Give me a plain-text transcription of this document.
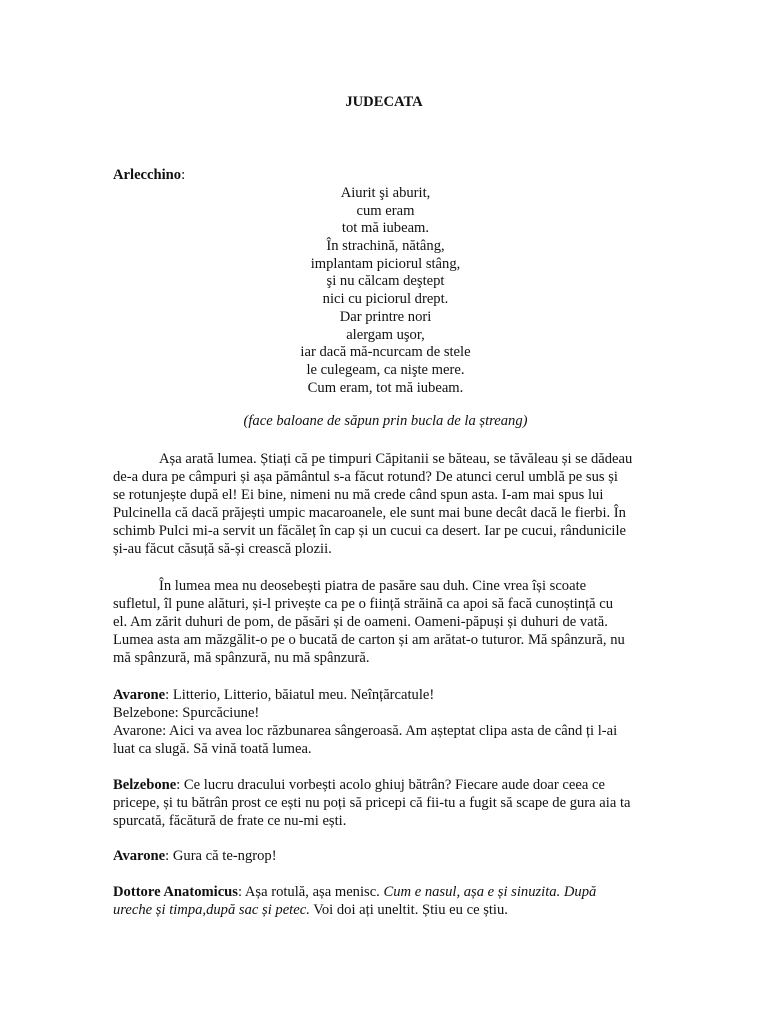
JUDECATA
Arlecchino:
Aiurit şi aburit,
cum eram
tot mă iubeam.
În strachină, nătâng,
implantam piciorul stâng,
şi nu călcam deştept
nici cu piciorul drept.
Dar printre nori
alergam uşor,
iar dacă mă-ncurcam de stele
le culegeam, ca nişte mere.
Cum eram, tot mă iubeam.
(face baloane de săpun prin bucla de la ștreang)
Așa arată lumea. Știați că pe timpuri Căpitanii se băteau, se tăvăleau și se dădeau
de-a dura pe câmpuri și așa pământul s-a făcut rotund? De atunci cerul umblă pe sus și
se rotunjește după el! Ei bine, nimeni nu mă crede când spun asta. I-am mai spus lui
Pulcinella că dacă prăjești umpic macaroanele, ele sunt mai bune decât dacă le fierbi. În
schimb Pulci mi-a servit un făcăleț în cap și un cucui ca desert. Iar pe cucui, rândunicile
și-au făcut căsuță să-și crească plozii.
În lumea mea nu deosebești piatra de pasăre sau duh. Cine vrea își scoate
sufletul, îl pune alături, și-l privește ca pe o ființă străină ca apoi să facă cunoștință cu
el. Am zărit duhuri de pom, de păsări și de oameni. Oameni-păpuși și duhuri de vată.
Lumea asta am măzgălit-o pe o bucată de carton și am arătat-o tuturor. Mă spânzură, nu
mă spânzură, mă spânzură, nu mă spânzură.
Avarone: Litterio, Litterio, băiatul meu. Neînțărcatule!
Belzebone: Spurcăciune!
Avarone: Aici va avea loc răzbunarea sângeroasă. Am așteptat clipa asta de când ți l-ai
luat ca slugă. Să vină toată lumea.
Belzebone: Ce lucru dracului vorbești acolo ghiuj bătrân? Fiecare aude doar ceea ce
pricepe, și tu bătrân prost ce ești nu poți să pricepi că fii-tu a fugit să scape de gura aia ta
spurcată, făcătură de frate ce nu-mi ești.
Avarone: Gura că te-ngrop!
Dottore Anatomicus: Așa rotulă, așa menisc. Cum e nasul, așa e și sinuzita. După
ureche și timpa,după sac și petec. Voi doi ați uneltit. Știu eu ce știu.
